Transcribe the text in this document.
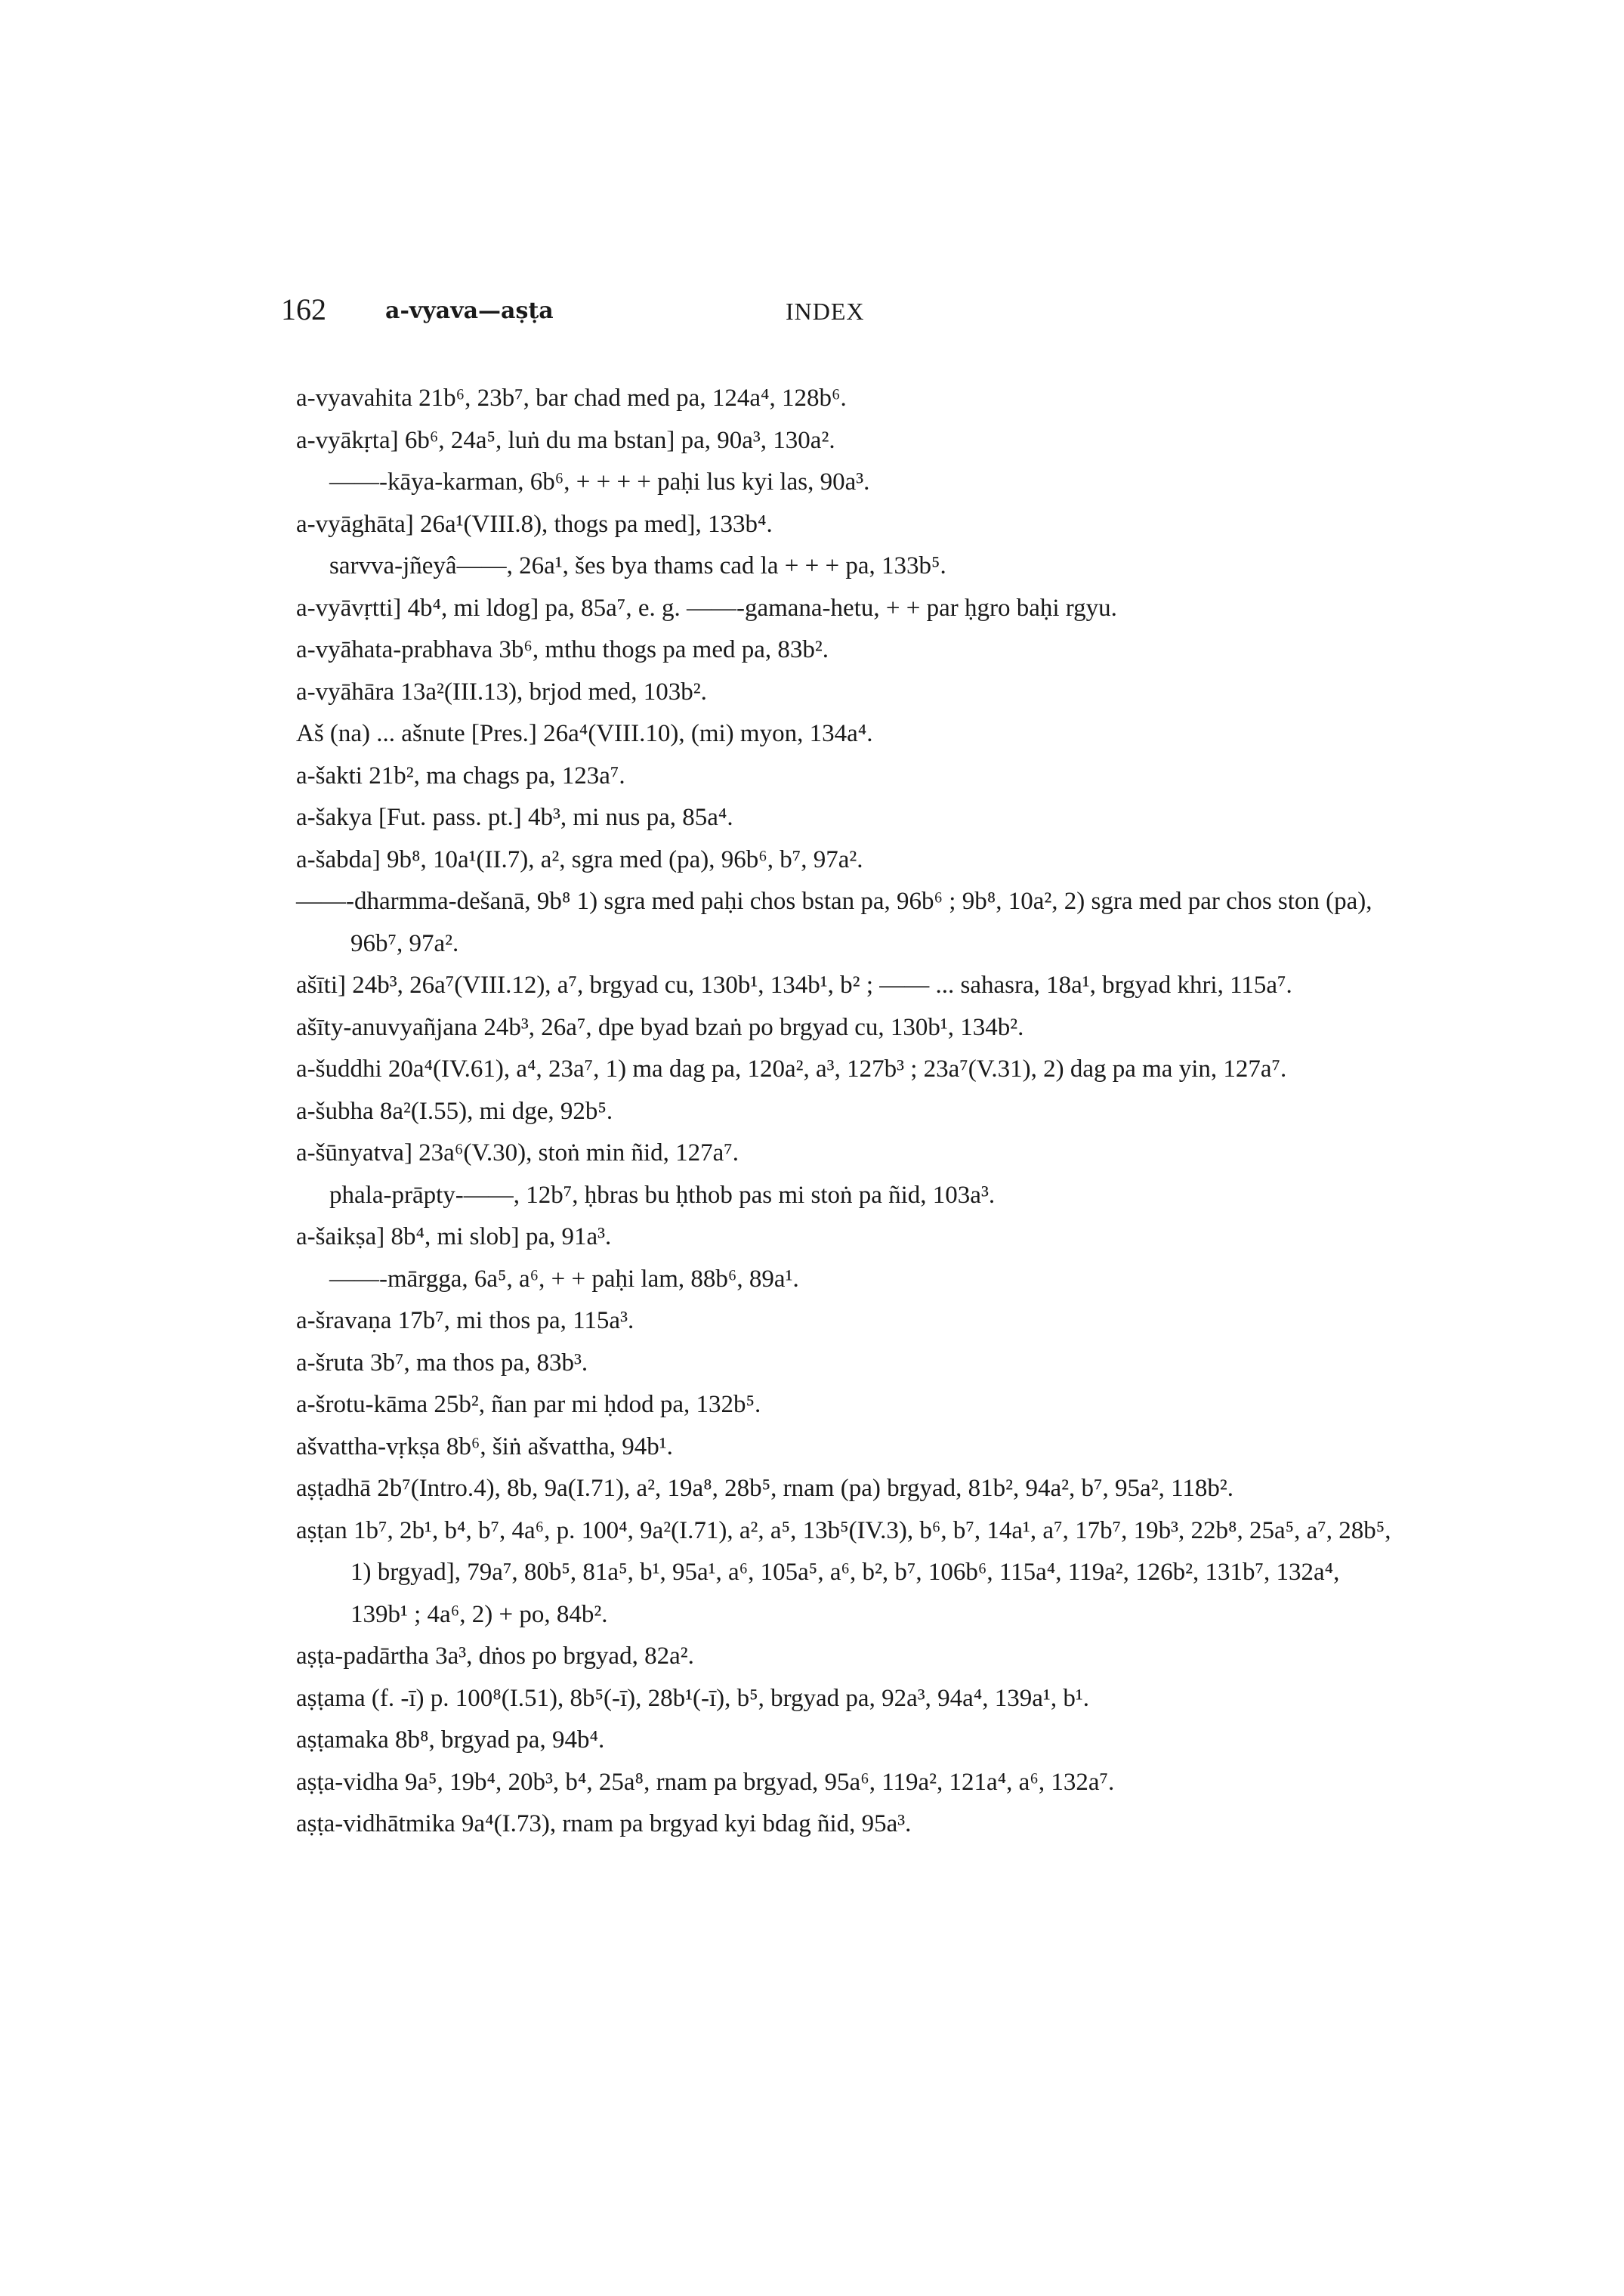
162	a-vyava—aṣṭa	INDEX
a-vyavahita 21b⁶, 23b⁷, bar chad med pa, 124a⁴, 128b⁶.
a-vyākṛta] 6b⁶, 24a⁵, luṅ du ma bstan] pa, 90a³, 130a².
——-kāya-karman, 6b⁶, + + + + paḥi lus kyi las, 90a³.
a-vyāghāta] 26a¹(VIII.8), thogs pa med], 133b⁴.
sarvva-jñeyâ——, 26a¹, šes bya thams cad la + + + pa, 133b⁵.
a-vyāvṛtti] 4b⁴, mi ldog] pa, 85a⁷, e. g. ——-gamana-hetu, + + par ḥgro baḥi rgyu.
a-vyāhata-prabhava 3b⁶, mthu thogs pa med pa, 83b².
a-vyāhāra 13a²(III.13), brjod med, 103b².
Aš (na) ... ašnute [Pres.] 26a⁴(VIII.10), (mi) myon, 134a⁴.
a-šakti 21b², ma chags pa, 123a⁷.
a-šakya [Fut. pass. pt.] 4b³, mi nus pa, 85a⁴.
a-šabda] 9b⁸, 10a¹(II.7), a², sgra med (pa), 96b⁶, b⁷, 97a².
——-dharmma-dešanā, 9b⁸ 1) sgra med paḥi chos bstan pa, 96b⁶ ; 9b⁸, 10a², 2) sgra med par chos ston (pa), 96b⁷, 97a².
ašīti] 24b³, 26a⁷(VIII.12), a⁷, brgyad cu, 130b¹, 134b¹, b² ; —— ... sahasra, 18a¹, brgyad khri, 115a⁷.
ašīty-anuvyañjana 24b³, 26a⁷, dpe byad bzaṅ po brgyad cu, 130b¹, 134b².
a-šuddhi 20a⁴(IV.61), a⁴, 23a⁷, 1) ma dag pa, 120a², a³, 127b³ ; 23a⁷(V.31), 2) dag pa ma yin, 127a⁷.
a-šubha 8a²(I.55), mi dge, 92b⁵.
a-šūnyatva] 23a⁶(V.30), stoṅ min ñid, 127a⁷.
phala-prāpty-——, 12b⁷, ḥbras bu ḥthob pas mi stoṅ pa ñid, 103a³.
a-šaikṣa] 8b⁴, mi slob] pa, 91a³.
——-mārgga, 6a⁵, a⁶, + + paḥi lam, 88b⁶, 89a¹.
a-šravaṇa 17b⁷, mi thos pa, 115a³.
a-šruta 3b⁷, ma thos pa, 83b³.
a-šrotu-kāma 25b², ñan par mi ḥdod pa, 132b⁵.
ašvattha-vṛkṣa 8b⁶, šiṅ ašvattha, 94b¹.
aṣṭadhā 2b⁷(Intro.4), 8b, 9a(I.71), a², 19a⁸, 28b⁵, rnam (pa) brgyad, 81b², 94a², b⁷, 95a², 118b².
aṣṭan 1b⁷, 2b¹, b⁴, b⁷, 4a⁶, p. 100⁴, 9a²(I.71), a², a⁵, 13b⁵(IV.3), b⁶, b⁷, 14a¹, a⁷, 17b⁷, 19b³, 22b⁸, 25a⁵, a⁷, 28b⁵, 1) brgyad], 79a⁷, 80b⁵, 81a⁵, b¹, 95a¹, a⁶, 105a⁵, a⁶, b², b⁷, 106b⁶, 115a⁴, 119a², 126b², 131b⁷, 132a⁴, 139b¹ ; 4a⁶, 2) + po, 84b².
aṣṭa-padārtha 3a³, dṅos po brgyad, 82a².
aṣṭama (f. -ī) p. 100⁸(I.51), 8b⁵(-ī), 28b¹(-ī), b⁵, brgyad pa, 92a³, 94a⁴, 139a¹, b¹.
aṣṭamaka 8b⁸, brgyad pa, 94b⁴.
aṣṭa-vidha 9a⁵, 19b⁴, 20b³, b⁴, 25a⁸, rnam pa brgyad, 95a⁶, 119a², 121a⁴, a⁶, 132a⁷.
aṣṭa-vidhātmika 9a⁴(I.73), rnam pa brgyad kyi bdag ñid, 95a³.
